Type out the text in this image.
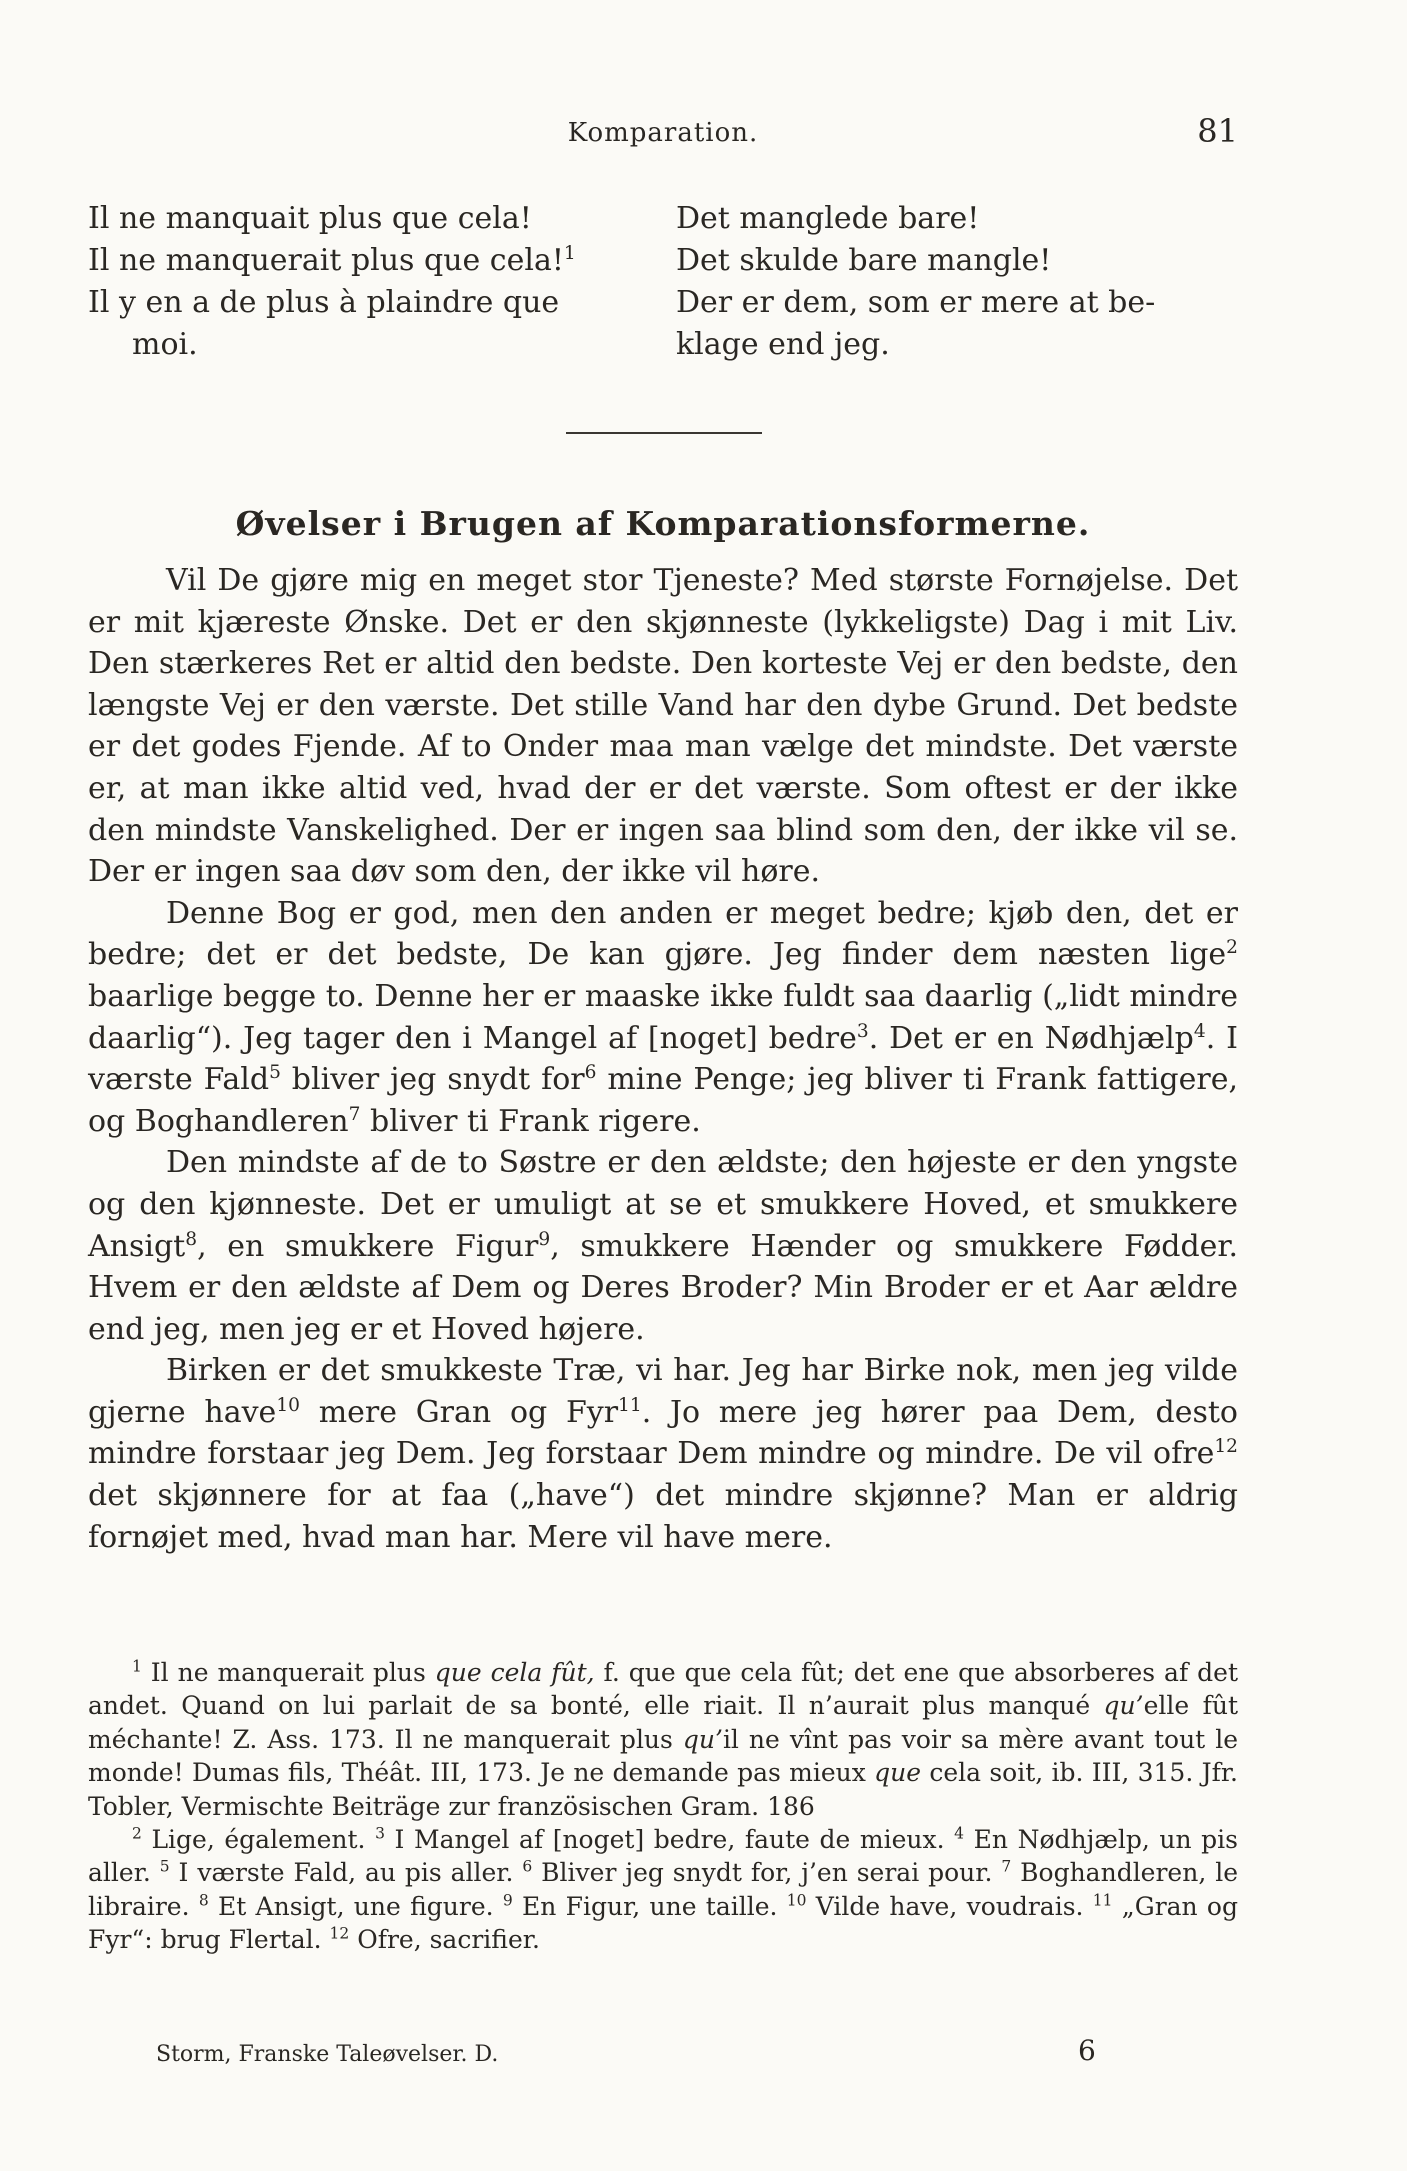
Komparation.	81
Il ne manquait plus que cela!	Det manglede bare!
Il ne manquerait plus que cela!$^1$	Det skulde bare mangle!
Il y en a de plus à plaindre que	Der er dem, som er mere at be-
moi.	klage end jeg.
Øvelser i Brugen af Komparationsformerne.

Vil De gjøre mig en meget stor Tjeneste? Med største Fornøjelse. Det er mit kjæreste Ønske. Det er den skjønneste (lykkeligste) Dag i mit Liv. Den stærkeres Ret er altid den bedste. Den korteste Vej er den bedste, den længste Vej er den værste. Det stille Vand har den dybe Grund. Det bedste er det godes Fjende. Af to Onder maa man vælge det mindste. Det værste er, at man ikke altid ved, hvad der er det værste. Som oftest er der ikke den mindste Vanskelighed. Der er ingen saa blind som den, der ikke vil se. Der er ingen saa døv som den, der ikke vil høre.

Denne Bog er god, men den anden er meget bedre; kjøb den, det er bedre; det er det bedste, De kan gjøre. Jeg finder dem næsten lige$^2$ baarlige begge to. Denne her er maaske ikke fuldt saa daarlig („lidt mindre daarlig“). Jeg tager den i Mangel af [noget] bedre$^3$. Det er en Nødhjælp$^4$. I værste Fald$^5$ bliver jeg snydt for$^6$ mine Penge; jeg bliver ti Frank fattigere, og Boghandleren$^7$ bliver ti Frank rigere.

Den mindste af de to Søstre er den ældste; den højeste er den yngste og den kjønneste. Det er umuligt at se et smukkere Hoved, et smukkere Ansigt$^8$, en smukkere Figur$^9$, smukkere Hænder og smukkere Fødder. Hvem er den ældste af Dem og Deres Broder? Min Broder er et Aar ældre end jeg, men jeg er et Hoved højere.

Birken er det smukkeste Træ, vi har. Jeg har Birke nok, men jeg vilde gjerne have$^{10}$ mere Gran og Fyr$^{11}$. Jo mere jeg hører paa Dem, desto mindre forstaar jeg Dem. Jeg forstaar Dem mindre og mindre. De vil ofre$^{12}$ det skjønnere for at faa („have“) det mindre skjønne? Man er aldrig fornøjet med, hvad man har. Mere vil have mere.

$^1$ Il ne manquerait plus que cela fût, f. que que cela fût; det ene que absorberes af det andet. Quand on lui parlait de sa bonté, elle riait. Il n’aurait plus manqué qu’elle fût méchante! Z. Ass. 173. Il ne manquerait plus qu’il ne vînt pas voir sa mère avant tout le monde! Dumas fils, Théât. III, 173. Je ne demande pas mieux que cela soit, ib. III, 315. Jfr. Tobler, Vermischte Beiträge zur französischen Gram. 186

$^2$ Lige, également. $^3$ I Mangel af [noget] bedre, faute de mieux. $^4$ En Nødhjælp, un pis aller. $^5$ I værste Fald, au pis aller. $^6$ Bliver jeg snydt for, j’en serai pour. $^7$ Boghandleren, le libraire. $^8$ Et Ansigt, une figure. $^9$ En Figur, une taille. $^{10}$ Vilde have, voudrais. $^{11}$ „Gran og Fyr“: brug Flertal. $^{12}$ Ofre, sacrifier.

Storm, Franske Taleøvelser. D.	6
